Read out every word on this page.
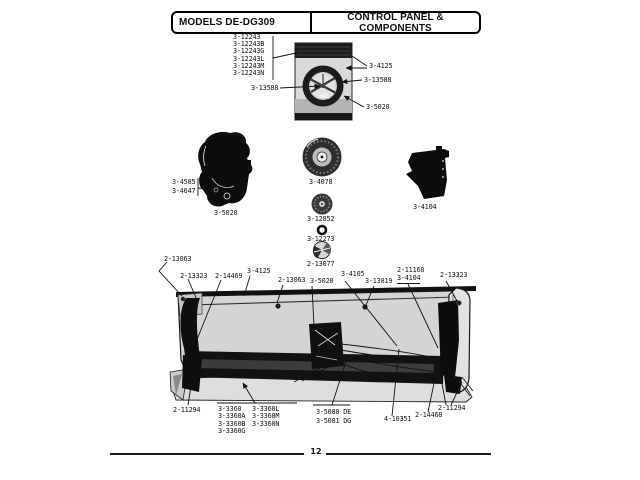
MODELS DE-DG309	CONTROL PANEL & COMPONENTS
3-12243
3-12243B
3-12243G
3-12243L
3-12243M
3-12243N
3-4125
3-13588
3-13588
3-5020
3-4585
3-4647
3-5020
3-4078
3-12852
3-12273
2-13077
3-4104
2-13063
2-13323 2-14469
3-4125
2-13063 3-5020
3-4105
3-13819
2-11168
3-4104	2-13323
2-11294	3-3360
3-3360A
3-3360B
3-3360G
3-3360L
3-3360M
3-3360N
3-5080 DE
3-5081 DG	4-10351 2-14468
2-11294
12
